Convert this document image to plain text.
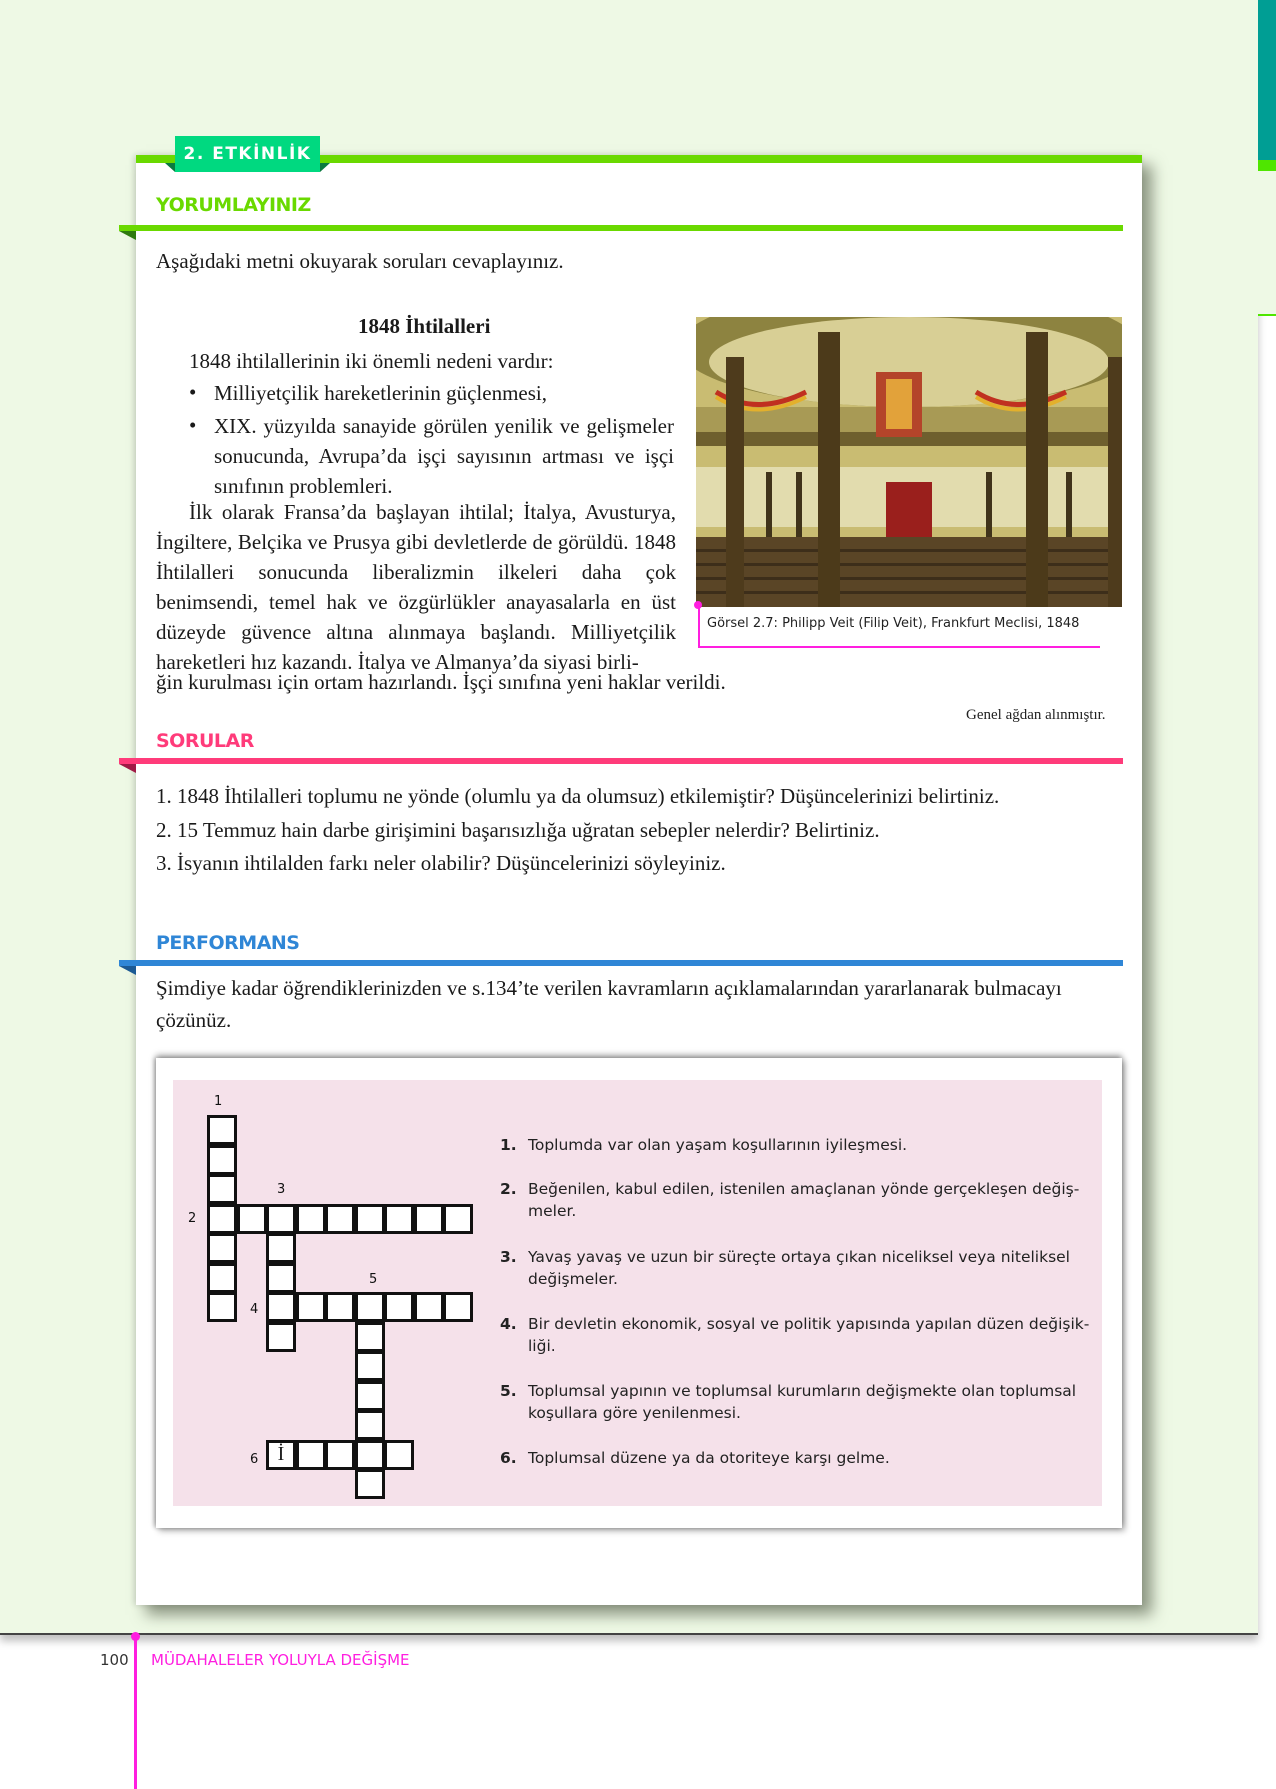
2. ETKİNLİK
YORUMLAYINIZ
Aşağıdaki metni okuyarak soruları cevaplayınız.
1848 İhtilalleri
1848 ihtilallerinin iki önemli nedeni vardır:
• Milliyetçilik hareketlerinin güçlenmesi,
• XIX. yüzyılda sanayide görülen yenilik ve gelişmeler sonucunda, Avrupa’da işçi sayısının artması ve işçi sınıfının problemleri.
İlk olarak Fransa’da başlayan ihtilal; İtalya, Avusturya, İngiltere, Belçika ve Prusya gibi devletlerde de görüldü. 1848 İhtilalleri sonucunda liberalizmin ilkeleri daha çok benimsendi, temel hak ve özgürlükler anayasalarla en üst düzeyde güvence altına alınmaya başlandı. Milliyetçilik hareketleri hız kazandı. İtalya ve Almanya’da siyasi birli-
ğin kurulması için ortam hazırlandı. İşçi sınıfına yeni haklar verildi.
Görsel 2.7: Philipp Veit (Filip Veit), Frankfurt Meclisi, 1848
Genel ağdan alınmıştır.
SORULAR
1. 1848 İhtilalleri toplumu ne yönde (olumlu ya da olumsuz) etkilemiştir? Düşüncelerinizi belirtiniz.
2. 15 Temmuz hain darbe girişimini başarısızlığa uğratan sebepler nelerdir? Belirtiniz.
3. İsyanın ihtilalden farkı neler olabilir? Düşüncelerinizi söyleyiniz.
PERFORMANS
Şimdiye kadar öğrendiklerinizden ve s.134’te verilen kavramların açıklamalarından yararlanarak bulmacayı çözünüz.
İ
1
2
3
4
5
6
1. Toplumda var olan yaşam koşullarının iyileşmesi.
2. Beğenilen, kabul edilen, istenilen amaçlanan yönde gerçekleşen değiş- meler.
3. Yavaş yavaş ve uzun bir süreçte ortaya çıkan niceliksel veya niteliksel değişmeler.
4. Bir devletin ekonomik, sosyal ve politik yapısında yapılan düzen değişik- liği.
5. Toplumsal yapının ve toplumsal kurumların değişmekte olan toplumsal koşullara göre yenilenmesi.
6. Toplumsal düzene ya da otoriteye karşı gelme.
100 MÜDAHALELER YOLUYLA DEĞİŞME
